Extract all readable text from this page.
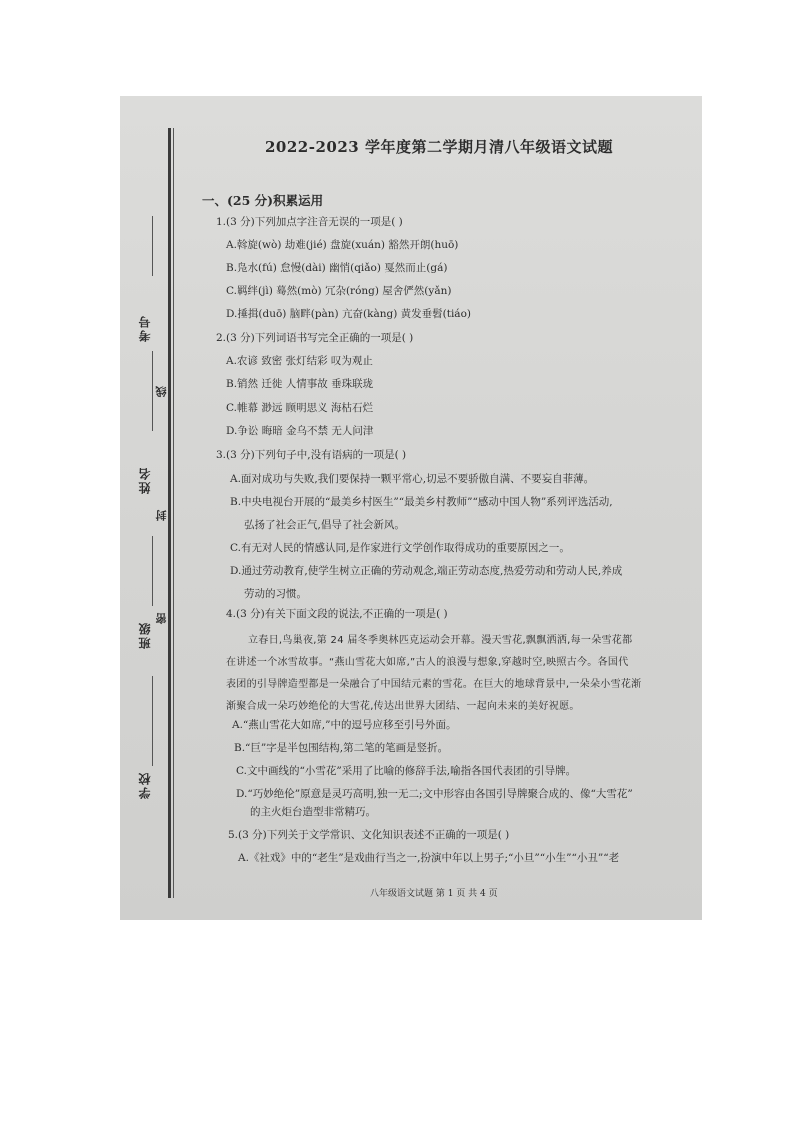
考号
线
姓名
封
班级
密
学校
2022-2023 学年度第二学期月清八年级语文试题
一、(25 分)积累运用
1.(3 分)下列加点字注音无误的一项是( )
A.斡旋(wò) 劫难(jié) 盘旋(xuán) 豁然开朗(huō)
B.凫水(fú) 怠慢(dài) 幽悄(qiǎo) 戛然而止(gá)
C.羁绊(jì) 蓦然(mò) 冗杂(róng) 屋舍俨然(yǎn)
D.捶揖(duō) 脑畔(pàn) 亢奋(kàng) 黄发垂髫(tiáo)
2.(3 分)下列词语书写完全正确的一项是( )
A.农谚 致密 张灯结彩 叹为观止
B.销然 迁徙 人情事故 垂珠联珑
C.帷幕 渺远 顾明思义 海枯石烂
D.争讼 晦暗 金乌不禁 无人问津
3.(3 分)下列句子中,没有语病的一项是( )
A.面对成功与失败,我们要保持一颗平常心,切忌不要骄傲自满、不要妄自菲薄。
B.中央电视台开展的“最美乡村医生”“最美乡村教师”“感动中国人物”系列评选活动,
弘扬了社会正气,倡导了社会新风。
C.有无对人民的情感认同,是作家进行文学创作取得成功的重要原因之一。
D.通过劳动教育,使学生树立正确的劳动观念,端正劳动态度,热爱劳动和劳动人民,养成
劳动的习惯。
4.(3 分)有关下面文段的说法,不正确的一项是( )
立春日,鸟巢夜,第 24 届冬季奥林匹克运动会开幕。漫天雪花,飘飘洒洒,每一朵雪花都
在讲述一个冰雪故事。“燕山雪花大如席,”古人的浪漫与想象,穿越时空,映照古今。各国代
表团的引导牌造型都是一朵融合了中国结元素的雪花。在巨大的地球背景中,一朵朵小雪花渐
渐聚合成一朵巧妙绝伦的大雪花,传达出世界大团结、一起向未来的美好祝愿。
A.“燕山雪花大如席,”中的逗号应移至引号外面。
B.“巨”字是半包围结构,第二笔的笔画是竖折。
C.文中画线的“小雪花”采用了比喻的修辞手法,喻指各国代表团的引导牌。
D.“巧妙绝伦”原意是灵巧高明,独一无二;文中形容由各国引导牌聚合成的、像“大雪花”
的主火炬台造型非常精巧。
5.(3 分)下列关于文学常识、文化知识表述不正确的一项是( )
A.《社戏》中的“老生”是戏曲行当之一,扮演中年以上男子;“小旦”“小生”“小丑”“老
八年级语文试题 第 1 页 共 4 页
